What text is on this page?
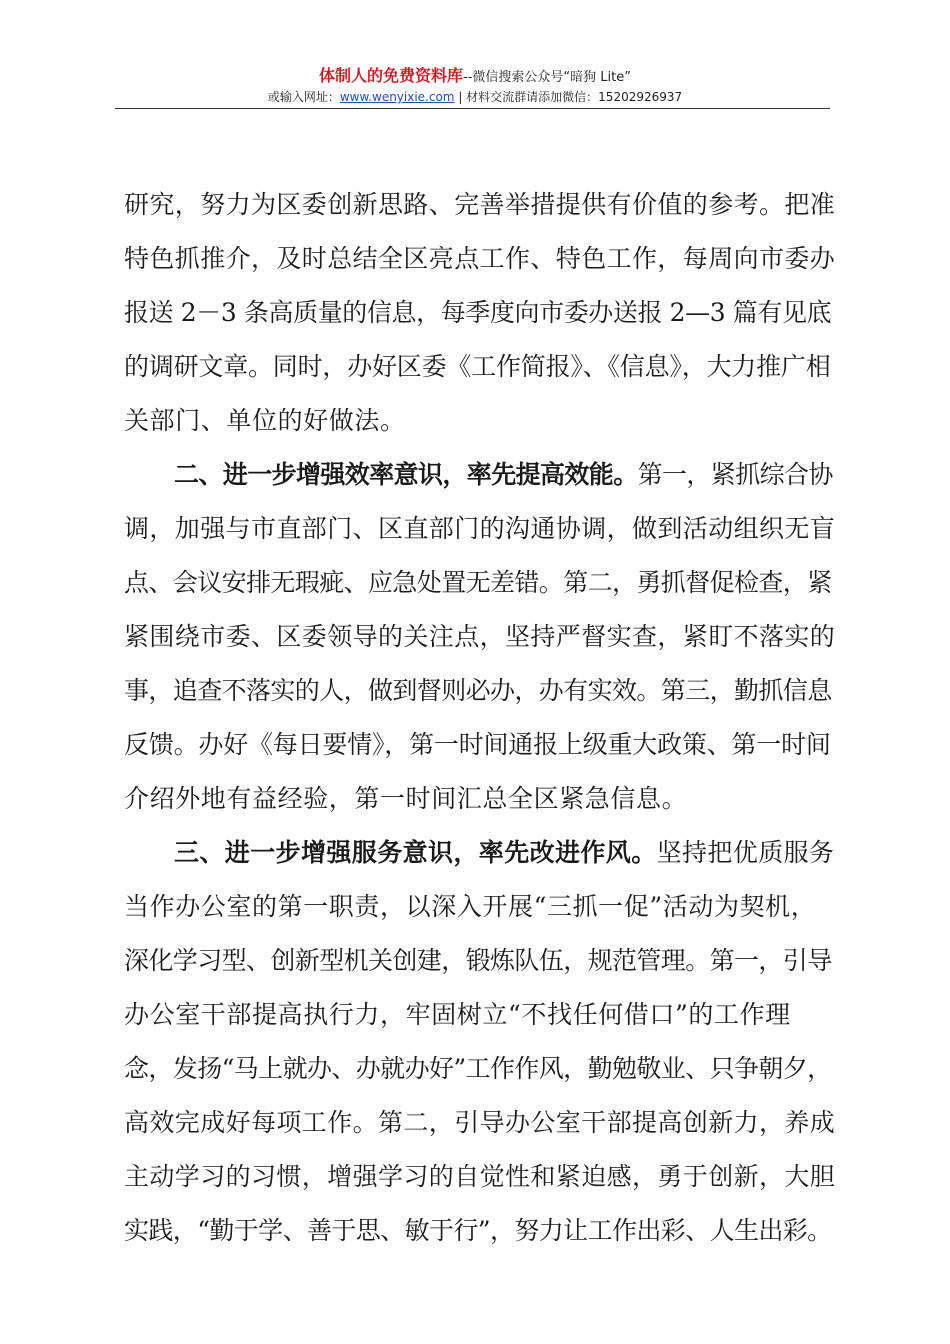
体制人的免费资料库--微信搜索公众号“暗狗 Lite”
或输入网址：www.wenyixie.com | 材料交流群请添加微信：15202926937
研究，努力为区委创新思路、完善举措提供有价值的参考。把准
特色抓推介，及时总结全区亮点工作、特色工作，每周向市委办
报送 2－3 条高质量的信息，每季度向市委办送报 2—3 篇有见底
的调研文章。同时，办好区委《工作简报》、《信息》，大力推广相
关部门、单位的好做法。
二、进一步增强效率意识，率先提高效能。第一，紧抓综合协
调，加强与市直部门、区直部门的沟通协调，做到活动组织无盲
点、会议安排无瑕疵、应急处置无差错。第二，勇抓督促检查，紧
紧围绕市委、区委领导的关注点，坚持严督实查，紧盯不落实的
事，追查不落实的人，做到督则必办，办有实效。第三，勤抓信息
反馈。办好《每日要情》，第一时间通报上级重大政策、第一时间
介绍外地有益经验，第一时间汇总全区紧急信息。
三、进一步增强服务意识，率先改进作风。坚持把优质服务
当作办公室的第一职责，以深入开展“三抓一促”活动为契机，
深化学习型、创新型机关创建，锻炼队伍，规范管理。第一，引导
办公室干部提高执行力，牢固树立“不找任何借口”的工作理
念，发扬“马上就办、办就办好”工作作风，勤勉敬业、只争朝夕，
高效完成好每项工作。第二，引导办公室干部提高创新力，养成
主动学习的习惯，增强学习的自觉性和紧迫感，勇于创新，大胆
实践，“勤于学、善于思、敏于行”，努力让工作出彩、人生出彩。
